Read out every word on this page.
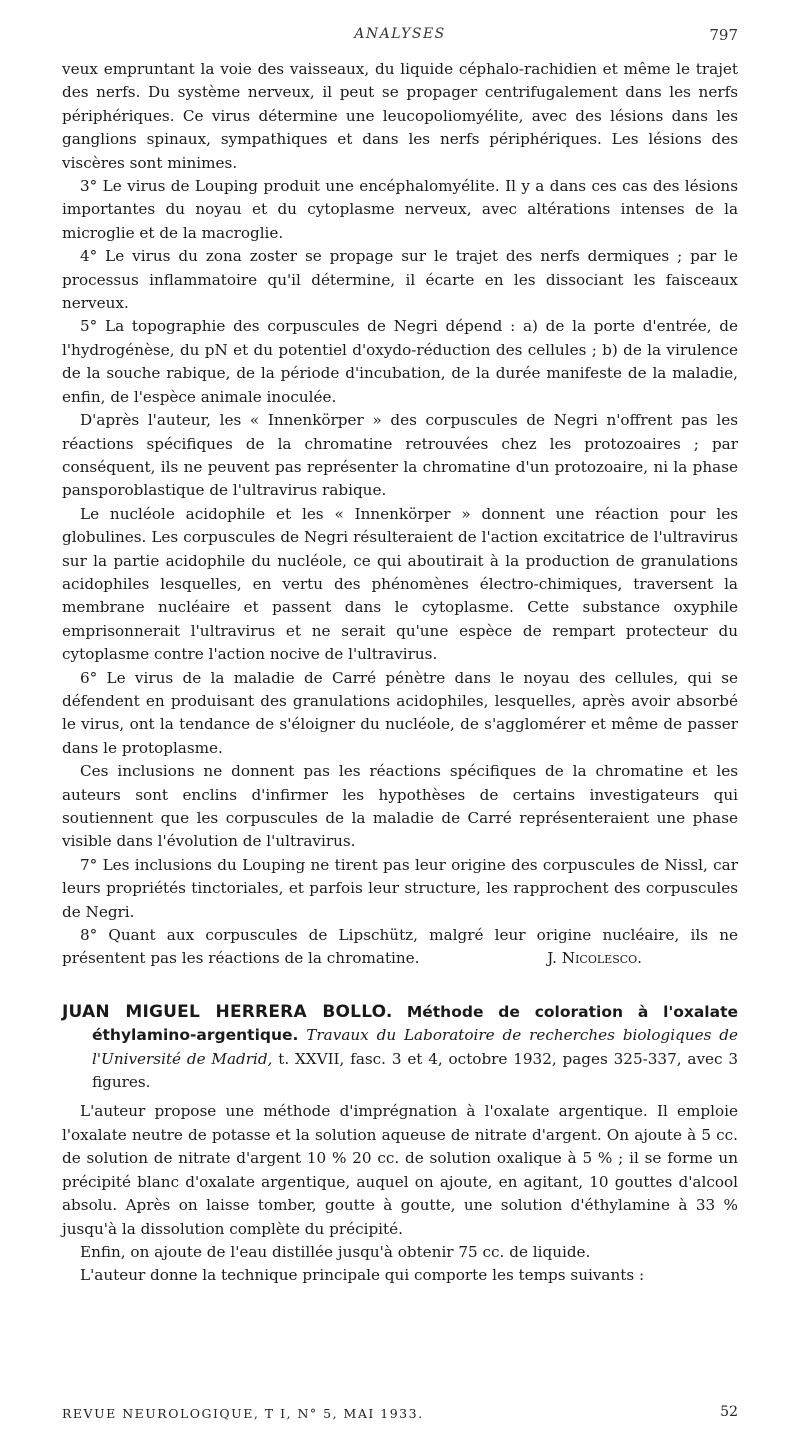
ANALYSES	797

veux empruntant la voie des vaisseaux, du liquide céphalo-rachidien et même le trajet des nerfs. Du système nerveux, il peut se propager centrifugalement dans les nerfs périphériques. Ce virus détermine une leucopoliomyélite, avec des lésions dans les ganglions spinaux, sympathiques et dans les nerfs périphériques. Les lésions des viscères sont minimes.

3° Le virus de Louping produit une encéphalomyélite. Il y a dans ces cas des lésions importantes du noyau et du cytoplasme nerveux, avec altérations intenses de la microglie et de la macroglie.

4° Le virus du zona zoster se propage sur le trajet des nerfs dermiques ; par le processus inflammatoire qu'il détermine, il écarte en les dissociant les faisceaux nerveux.

5° La topographie des corpuscules de Negri dépend : a) de la porte d'entrée, de l'hydrogénèse, du pN et du potentiel d'oxydo-réduction des cellules ; b) de la virulence de la souche rabique, de la période d'incubation, de la durée manifeste de la maladie, enfin, de l'espèce animale inoculée.

D'après l'auteur, les « Innenkörper » des corpuscules de Negri n'offrent pas les réactions spécifiques de la chromatine retrouvées chez les protozoaires ; par conséquent, ils ne peuvent pas représenter la chromatine d'un protozoaire, ni la phase pansporoblastique de l'ultravirus rabique.

Le nucléole acidophile et les « Innenkörper » donnent une réaction pour les globulines. Les corpuscules de Negri résulteraient de l'action excitatrice de l'ultravirus sur la partie acidophile du nucléole, ce qui aboutirait à la production de granulations acidophiles lesquelles, en vertu des phénomènes électro-chimiques, traversent la membrane nucléaire et passent dans le cytoplasme. Cette substance oxyphile emprisonnerait l'ultravirus et ne serait qu'une espèce de rempart protecteur du cytoplasme contre l'action nocive de l'ultravirus.

6° Le virus de la maladie de Carré pénètre dans le noyau des cellules, qui se défendent en produisant des granulations acidophiles, lesquelles, après avoir absorbé le virus, ont la tendance de s'éloigner du nucléole, de s'agglomérer et même de passer dans le protoplasme.

Ces inclusions ne donnent pas les réactions spécifiques de la chromatine et les auteurs sont enclins d'infirmer les hypothèses de certains investigateurs qui soutiennent que les corpuscules de la maladie de Carré représenteraient une phase visible dans l'évolution de l'ultravirus.

7° Les inclusions du Louping ne tirent pas leur origine des corpuscules de Nissl, car leurs propriétés tinctoriales, et parfois leur structure, les rapprochent des corpuscules de Negri.

8° Quant aux corpuscules de Lipschütz, malgré leur origine nucléaire, ils ne présentent pas les réactions de la chromatine.	J. Nicolesco.

JUAN MIGUEL HERRERA BOLLO. Méthode de coloration à l'oxalate éthylamino-argentique. Travaux du Laboratoire de recherches biologiques de l'Université de Madrid, t. XXVII, fasc. 3 et 4, octobre 1932, pages 325-337, avec 3 figures.

L'auteur propose une méthode d'imprégnation à l'oxalate argentique. Il emploie l'oxalate neutre de potasse et la solution aqueuse de nitrate d'argent. On ajoute à 5 cc. de solution de nitrate d'argent 10 % 20 cc. de solution oxalique à 5 % ; il se forme un précipité blanc d'oxalate argentique, auquel on ajoute, en agitant, 10 gouttes d'alcool absolu. Après on laisse tomber, goutte à goutte, une solution d'éthylamine à 33 % jusqu'à la dissolution complète du précipité.

Enfin, on ajoute de l'eau distillée jusqu'à obtenir 75 cc. de liquide.

L'auteur donne la technique principale qui comporte les temps suivants :

REVUE NEUROLOGIQUE, T I, N° 5, MAI 1933.	52
